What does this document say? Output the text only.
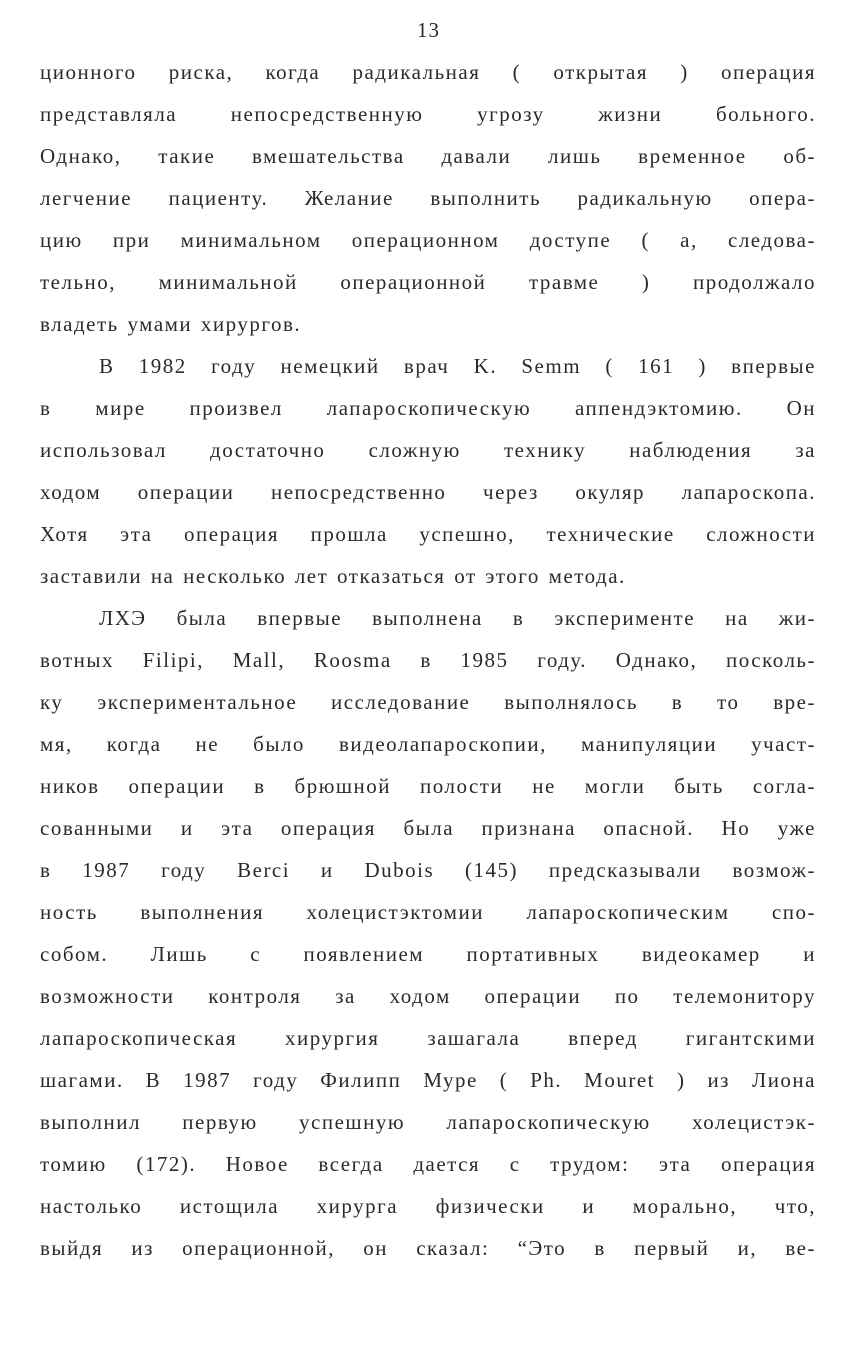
13
ционного риска, когда радикальная ( открытая ) операция
представляла непосредственную угрозу жизни больного.
Однако, такие вмешательства давали лишь временное об-
легчение пациенту. Желание выполнить радикальную опера-
цию при минимальном операционном доступе ( а, следова-
тельно, минимальной операционной травме ) продолжало
владеть умами хирургов.
В 1982 году немецкий врач K. Semm ( 161 ) впервые
в мире произвел лапароскопическую аппендэктомию. Он
использовал достаточно сложную технику наблюдения за
ходом операции непосредственно через окуляр лапароскопа.
Хотя эта операция прошла успешно, технические сложности
заставили на несколько лет отказаться от этого метода.
ЛХЭ была впервые выполнена в эксперименте на жи-
вотных Filipi, Mall, Roosma в 1985 году. Однако, посколь-
ку экспериментальное исследование выполнялось в то вре-
мя, когда не было видеолапароскопии, манипуляции участ-
ников операции в брюшной полости не могли быть согла-
сованными и эта операция была признана опасной. Но уже
в 1987 году Berci и Dubois (145) предсказывали возмож-
ность выполнения холецистэктомии лапароскопическим спо-
собом. Лишь с появлением портативных видеокамер и
возможности контроля за ходом операции по телемонитору
лапароскопическая хирургия зашагала вперед гигантскими
шагами. В 1987 году Филипп Мурe ( Ph. Mouret ) из Лиона
выполнил первую успешную лапароскопическую холецистэк-
томию (172). Новое всегда дается с трудом: эта операция
настолько истощила хирурга физически и морально, что,
выйдя из операционной, он сказал: “Это в первый и, ве-
